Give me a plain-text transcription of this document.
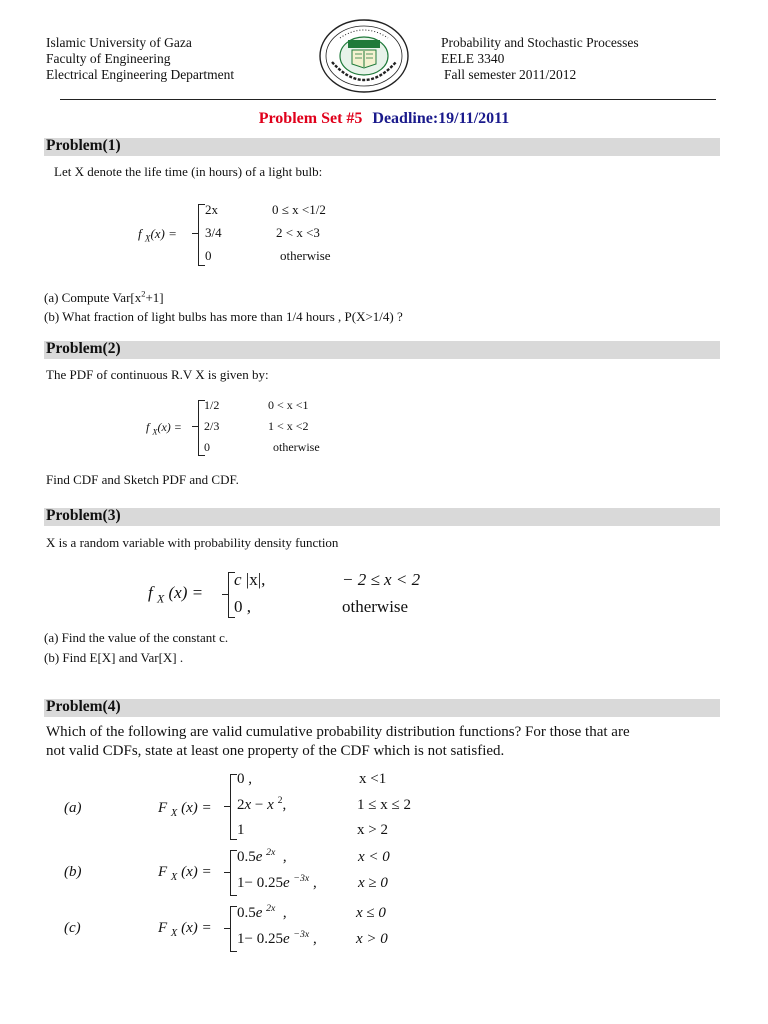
Islamic University of Gaza
Faculty of Engineering
Electrical Engineering Department
Probability and Stochastic Processes
EELE 3340
Fall semester 2011/2012
Problem Set #5 Deadline:19/11/2011
Problem(1)
Let X denote the life time (in hours) of a light bulb:
f $_X$(x) =
2x	0 ≤ x <1/2
3/4	2 < x <3
0	otherwise
(a) Compute $Var[x^2+1]$
(b) What fraction of light bulbs has more than 1/4 hours , P(X>1/4) ?
Problem(2)
The PDF of continuous R.V X is given by:
f $_X$(x) =
1/2	0 < x <1
2/3	1 < x <2
0	otherwise
Find CDF and Sketch PDF and CDF.
Problem(3)
X is a random variable with probability density function
f $_X$ (x) =
c |x|,	− 2 ≤ x < 2
0 ,	otherwise
(a) Find the value of the constant c.
(b) Find E[X] and Var[X] .
Problem(4)
Which of the following are valid cumulative probability distribution functions? For those that are
not valid CDFs, state at least one property of the CDF which is not satisfied.
(a)	F $_X$ (x) =
0 ,	x <1
2x − x $^2$,	1 ≤ x ≤ 2
1	x > 2
(b)	F $_X$ (x) =
0.5e $^{2x}$  ,	x < 0
1− 0.25e $^{-3x}$ ,	x ≥ 0
(c)	F $_X$ (x) =
0.5e $^{2x}$  ,	x ≤ 0
1− 0.25e $^{-3x}$ ,	x > 0
